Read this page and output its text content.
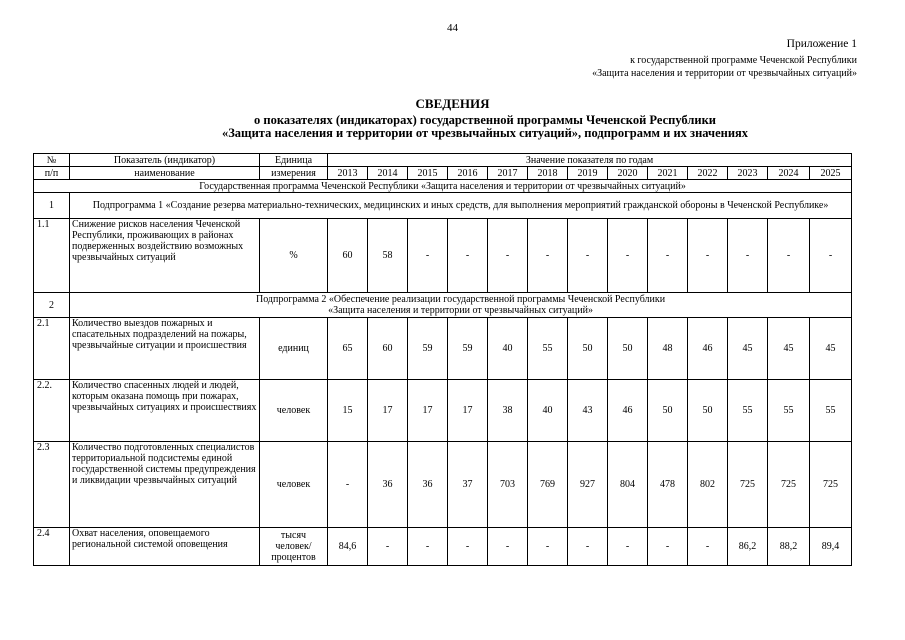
44
Приложение 1
к государственной программе Чеченской Республики
«Защита населения и территории от чрезвычайных ситуаций»
СВЕДЕНИЯ
о показателях (индикаторах) государственной программы Чеченской Республики
«Защита населения и территории от чрезвычайных ситуаций», подпрограмм и их значениях
№	Показатель (индикатор)	Единица	Значение показателя по годам												
п/п	наименование	измерения	2013	2014	2015	2016	2017	2018	2019	2020	2021	2022	2023	2024	2025
Государственная программа Чеченской Республики «Защита населения и территории от чрезвычайных ситуаций»															
1	Подпрограмма 1 «Создание резерва материально-технических, медицинских и иных средств, для выполнения мероприятий гражданской обороны в Чеченской Республике»														
1.1	Снижение рисков населения Чеченской Республики, проживающих в районах подверженных воздействию возможных чрезвычайных ситуаций	%	60	58	-	-	-	-	-	-	-	-	-	-	-
2	Подпрограмма 2 «Обеспечение реализации государственной программы Чеченской Республики
«Защита населения и территории от чрезвычайных ситуаций»														

2.1	Количество выездов пожарных и спасательных подразделений на пожары, чрезвычайные ситуации и происшествия	единиц	65	60	59	59	40	55	50	50	48	46	45	45	45
2.2.	Количество спасенных людей и людей, которым оказана помощь при пожарах, чрезвычайных ситуациях и происшествиях	человек	15	17	17	17	38	40	43	46	50	50	55	55	55
2.3	Количество подготовленных специалистов территориальной подсистемы единой государственной системы предупреждения и ликвидации чрезвычайных ситуаций	человек	-	36	36	37	703	769	927	804	478	802	725	725	725
2.4	Охват населения, оповещаемого региональной системой оповещения	тысяч человек/ процентов	84,6	-	-	-	-	-	-	-	-	-	86,2	88,2	89,4
